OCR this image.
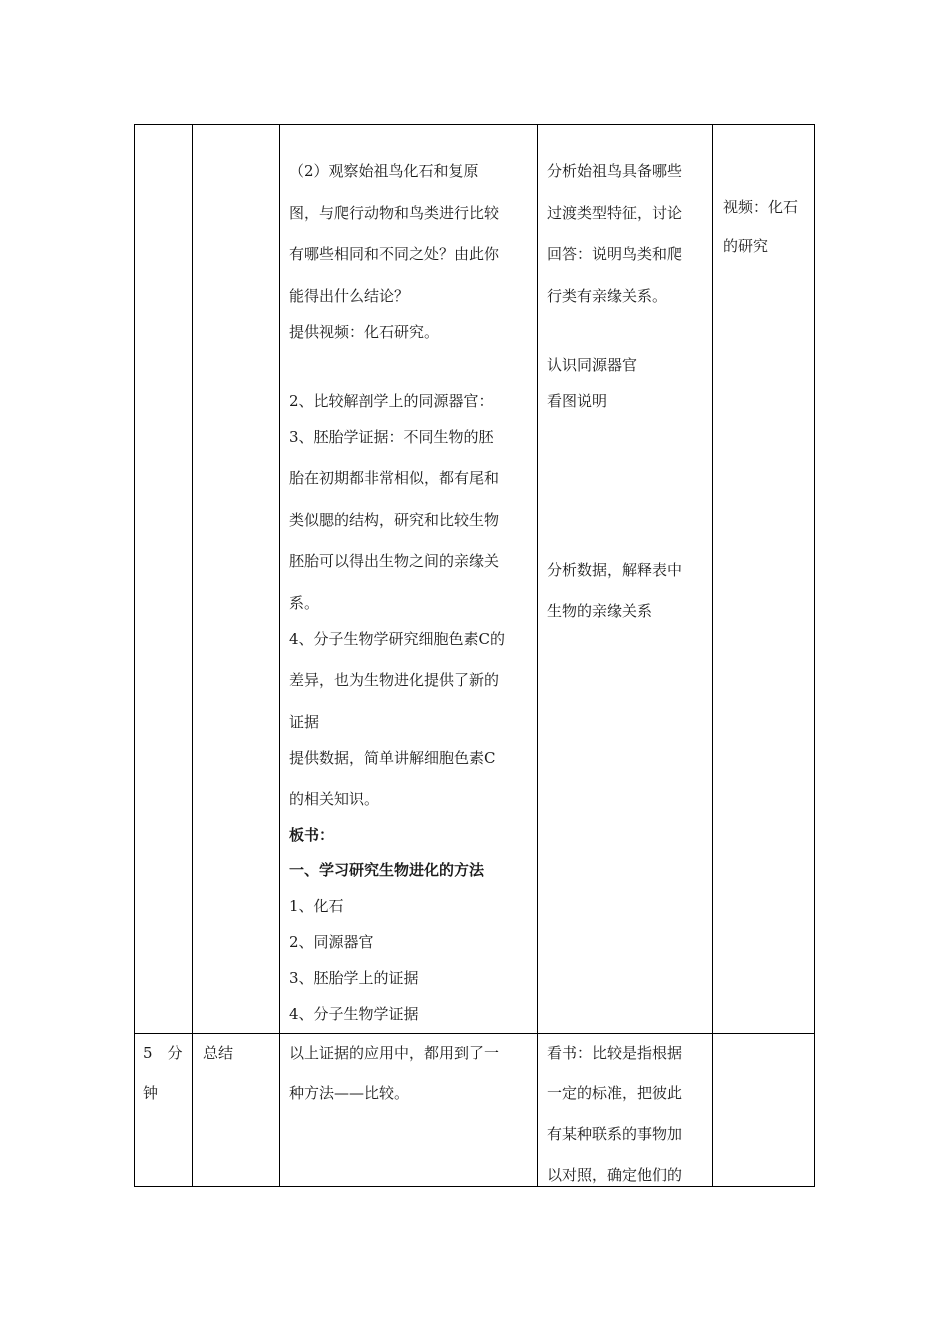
（2）观察始祖鸟化石和复原
图，与爬行动物和鸟类进行比较
有哪些相同和不同之处？由此你
能得出什么结论？
提供视频：化石研究。
2、比较解剖学上的同源器官：
3、胚胎学证据：不同生物的胚
胎在初期都非常相似，都有尾和
类似腮的结构，研究和比较生物
胚胎可以得出生物之间的亲缘关
系。
4、分子生物学研究细胞色素C的
差异，也为生物进化提供了新的
证据
提供数据，简单讲解细胞色素C
的相关知识。
板书：
一、学习研究生物进化的方法
1、化石
2、同源器官
3、胚胎学上的证据
4、分子生物学证据
分析始祖鸟具备哪些
过渡类型特征，讨论
回答：说明鸟类和爬
行类有亲缘关系。
认识同源器官
看图说明
分析数据，解释表中
生物的亲缘关系
视频：化石
的研究
5　分
钟
总结	以上证据的应用中，都用到了一
种方法——比较。
看书：比较是指根据
一定的标准，把彼此
有某种联系的事物加
以对照，确定他们的
